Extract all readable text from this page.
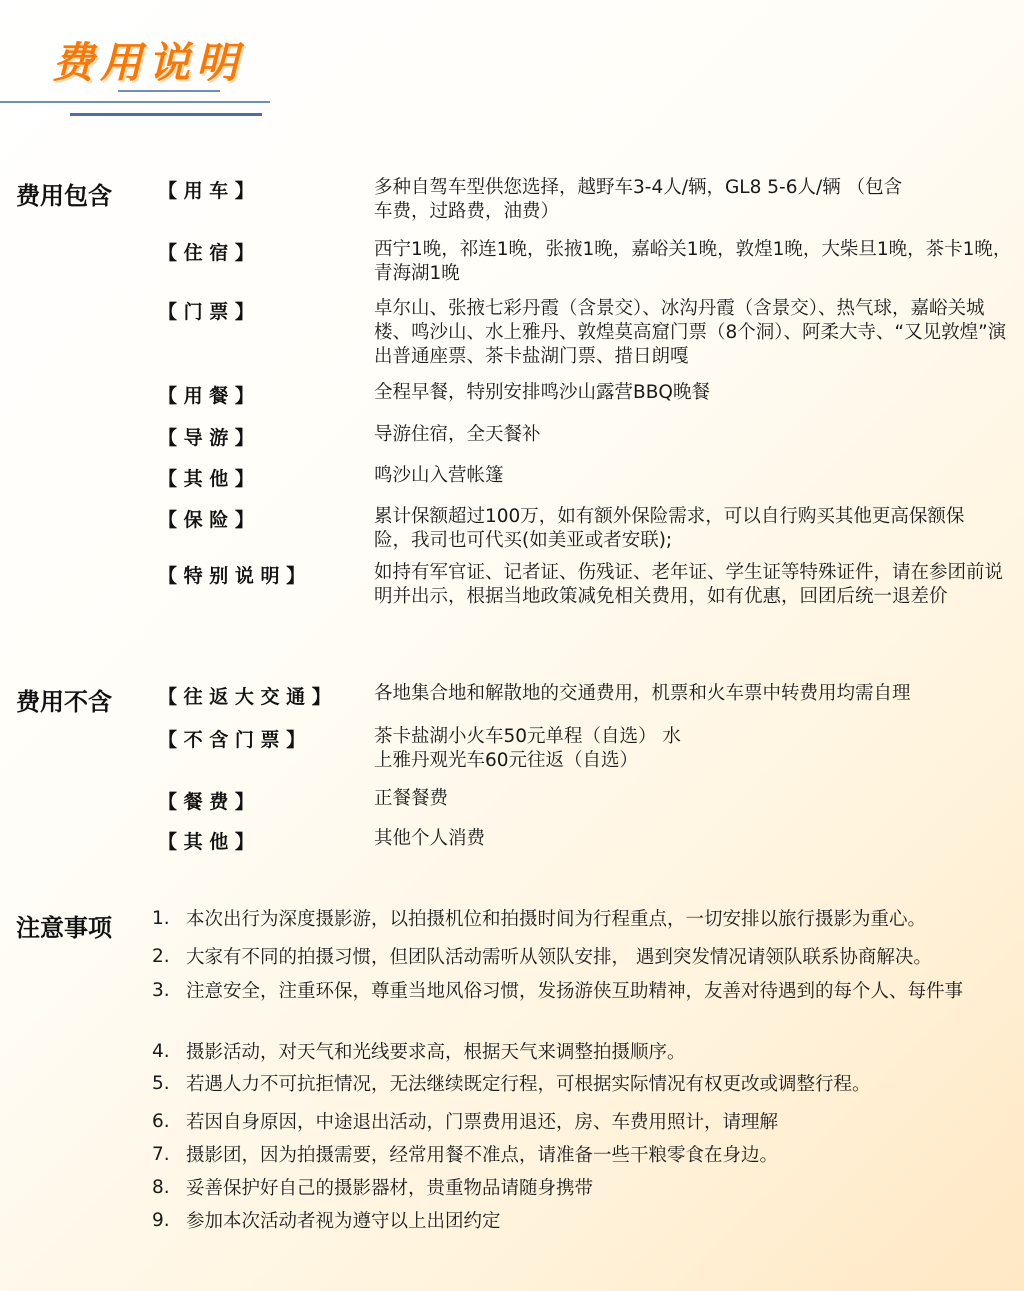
费用说明
费用包含 【 用 车 】	多种自驾车型供您选择，越野车3-4人/辆，GL8 5-6人/辆 （包含车费，过路费，油费）
【 住 宿 】	西宁1晚，祁连1晚，张掖1晚，嘉峪关1晚，敦煌1晚，大柴旦1晚，茶卡1晚，青海湖1晚
【 门 票 】	卓尔山、张掖七彩丹霞（含景交）、冰沟丹霞（含景交）、热气球，嘉峪关城楼、鸣沙山、水上雅丹、敦煌莫高窟门票（8个洞）、阿柔大寺、“又见敦煌”演出普通座票、茶卡盐湖门票、措日朗嘎
【 用 餐 】	全程早餐，特别安排鸣沙山露营BBQ晚餐
【 导 游 】	导游住宿，全天餐补
【 其 他 】	鸣沙山入营帐篷
【 保 险 】	累计保额超过100万，如有额外保险需求，可以自行购买其他更高保额保险，我司也可代买(如美亚或者安联);
【 特 别 说 明 】	如持有军官证、记者证、伤残证、老年证、学生证等特殊证件，请在参团前说明并出示，根据当地政策减免相关费用，如有优惠，回团后统一退差价
费用不含 【 往 返 大 交 通 】 各地集合地和解散地的交通费用，机票和火车票中转费用均需自理
【 不 含 门 票 】	茶卡盐湖小火车50元单程（自选） 水上雅丹观光车60元往返（自选）
【 餐 费 】	正餐餐费
【 其 他 】	其他个人消费
注意事项 1. 本次出行为深度摄影游，以拍摄机位和拍摄时间为行程重点，一切安排以旅行摄影为重心。
2. 大家有不同的拍摄习惯，但团队活动需听从领队安排， 遇到突发情况请领队联系协商解决。
3. 注意安全，注重环保，尊重当地风俗习惯，发扬游侠互助精神，友善对待遇到的每个人、每件事
4. 摄影活动，对天气和光线要求高，根据天气来调整拍摄顺序。
5. 若遇人力不可抗拒情况，无法继续既定行程，可根据实际情况有权更改或调整行程。
6. 若因自身原因，中途退出活动，门票费用退还，房、车费用照计，请理解
7. 摄影团，因为拍摄需要，经常用餐不准点，请准备一些干粮零食在身边。
8. 妥善保护好自己的摄影器材，贵重物品请随身携带
9. 参加本次活动者视为遵守以上出团约定
